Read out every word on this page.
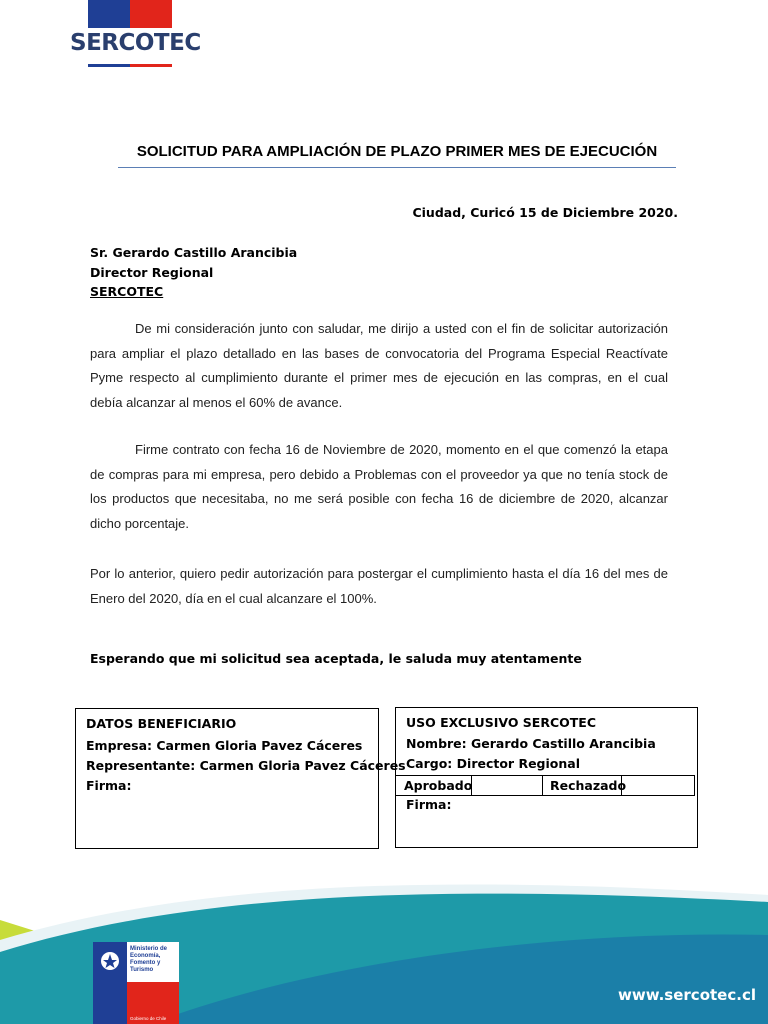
SERCOTEC
SOLICITUD PARA AMPLIACIÓN DE PLAZO PRIMER MES DE EJECUCIÓN
Ciudad, Curicó 15 de Diciembre 2020.
Sr. Gerardo Castillo Arancibia
Director Regional
SERCOTEC
De mi consideración junto con saludar, me dirijo a usted con el fin de solicitar autorización para ampliar el plazo detallado en las bases de convocatoria del Programa Especial Reactívate Pyme respecto al cumplimiento durante el primer mes de ejecución en las compras, en el cual debía alcanzar al menos el 60% de avance.
Firme contrato con fecha 16 de Noviembre de 2020, momento en el que comenzó la etapa de compras para mi empresa, pero debido a Problemas con el proveedor ya que no tenía stock de los productos que necesitaba, no me será posible con fecha 16 de diciembre de 2020, alcanzar dicho porcentaje.
Por lo anterior, quiero pedir autorización para postergar el cumplimiento hasta el día 16 del mes de Enero del 2020, día en el cual alcanzare el 100%.
Esperando que mi solicitud sea aceptada, le saluda muy atentamente
DATOS BENEFICIARIO
Empresa: Carmen Gloria Pavez Cáceres
Representante: Carmen Gloria Pavez Cáceres
Firma:
USO EXCLUSIVO SERCOTEC
Nombre: Gerardo Castillo Arancibia
Cargo: Director Regional
Aprobado	Rechazado
Firma:
Ministerio de Economía, Fomento y Turismo
Gobierno de Chile
www.sercotec.cl
